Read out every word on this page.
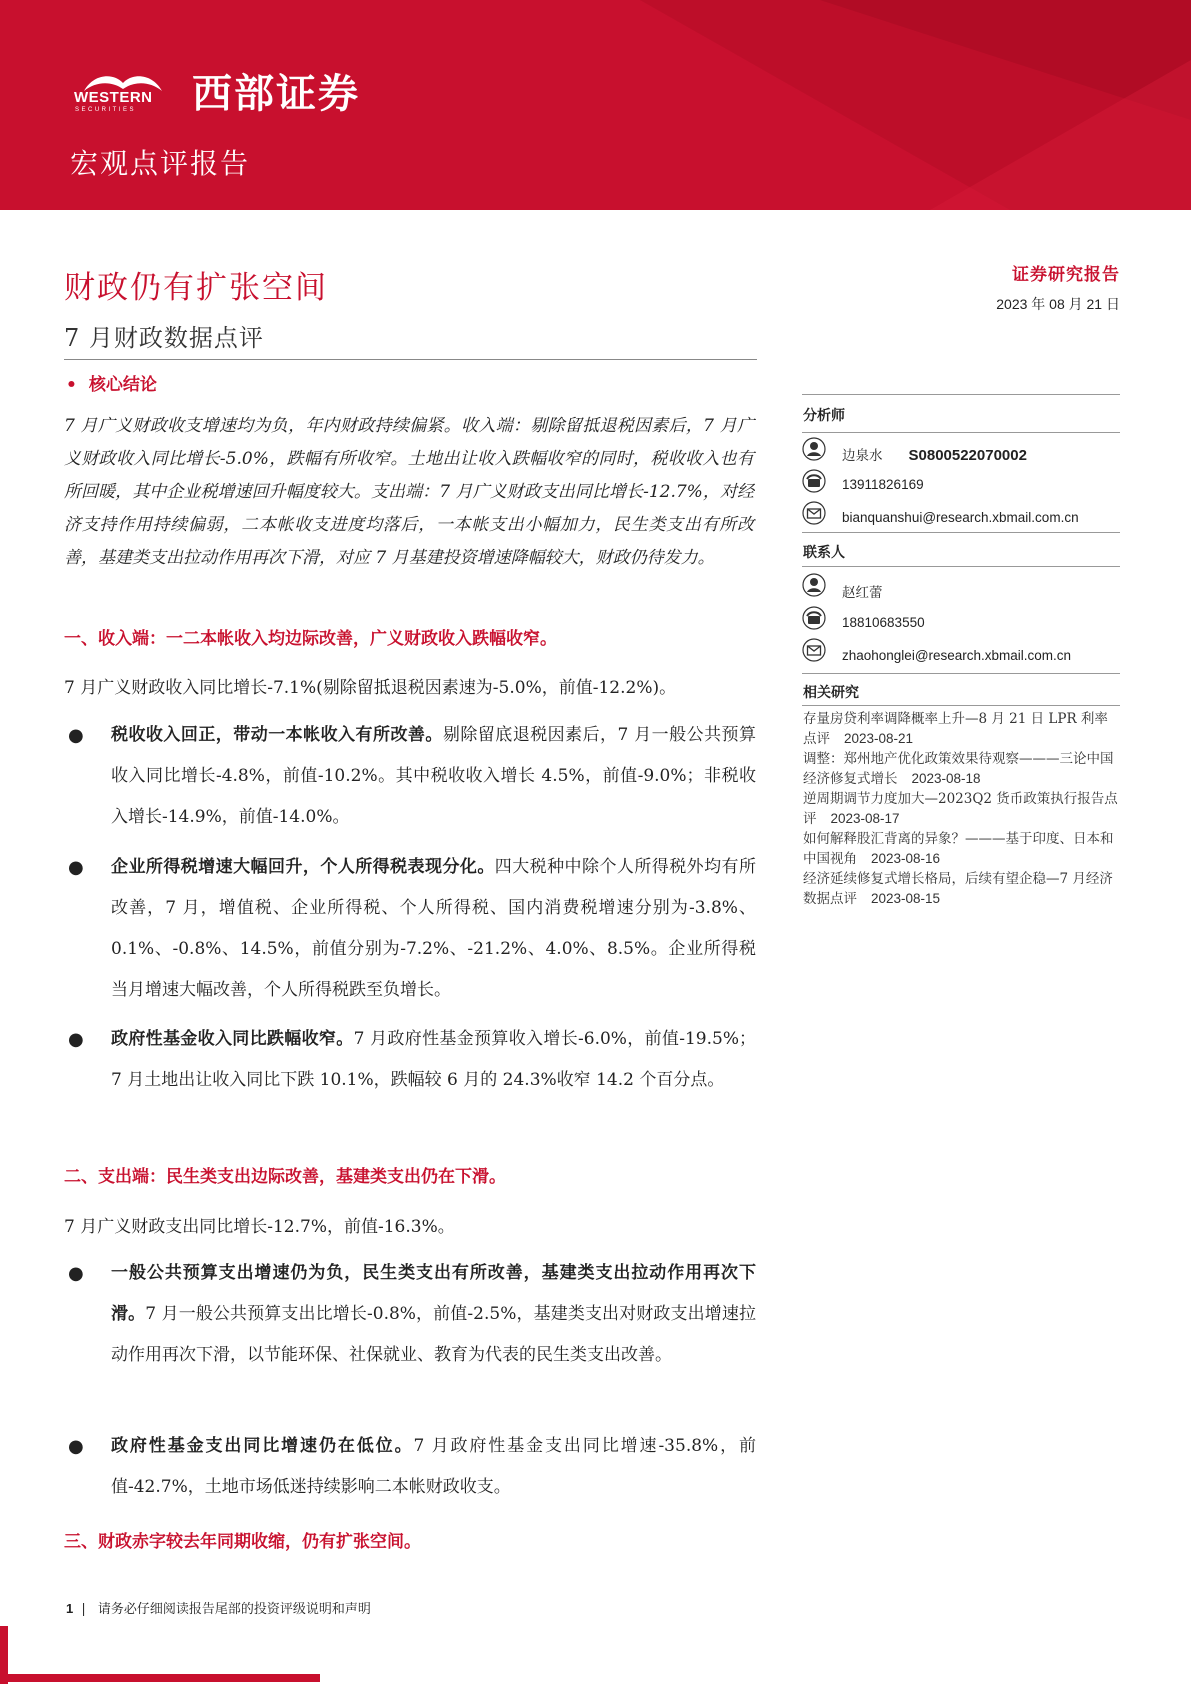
WESTERN
SECURITIES 西部证券
宏观点评报告
财政仍有扩张空间
7 月财政数据点评
证券研究报告
2023 年 08 月 21 日
• 核心结论
7 月广义财政收支增速均为负，年内财政持续偏紧。收入端：剔除留抵退税因素后，7 月广义财政收入同比增长-5.0%，跌幅有所收窄。土地出让收入跌幅收窄的同时，税收收入也有所回暖，其中企业税增速回升幅度较大。支出端：7 月广义财政支出同比增长-12.7%，对经济支持作用持续偏弱，二本帐收支进度均落后，一本帐支出小幅加力，民生类支出有所改善，基建类支出拉动作用再次下滑，对应 7 月基建投资增速降幅较大，财政仍待发力。
一、收入端：一二本帐收入均边际改善，广义财政收入跌幅收窄。
7 月广义财政收入同比增长-7.1%(剔除留抵退税因素速为-5.0%，前值-12.2%)。
● 税收收入回正，带动一本帐收入有所改善。剔除留底退税因素后，7 月一般公共预算收入同比增长-4.8%，前值-10.2%。其中税收收入增长 4.5%，前值-9.0%；非税收入增长-14.9%，前值-14.0%。
● 企业所得税增速大幅回升，个人所得税表现分化。四大税种中除个人所得税外均有所改善，7 月，增值税、企业所得税、个人所得税、国内消费税增速分别为-3.8%、0.1%、-0.8%、14.5%，前值分别为-7.2%、-21.2%、4.0%、8.5%。企业所得税当月增速大幅改善，个人所得税跌至负增长。
● 政府性基金收入同比跌幅收窄。7 月政府性基金预算收入增长-6.0%，前值-19.5%；7 月土地出让收入同比下跌 10.1%，跌幅较 6 月的 24.3%收窄 14.2 个百分点。
二、支出端：民生类支出边际改善，基建类支出仍在下滑。
7 月广义财政支出同比增长-12.7%，前值-16.3%。
● 一般公共预算支出增速仍为负，民生类支出有所改善，基建类支出拉动作用再次下滑。7 月一般公共预算支出比增长-0.8%，前值-2.5%，基建类支出对财政支出增速拉动作用再次下滑，以节能环保、社保就业、教育为代表的民生类支出改善。
● 政府性基金支出同比增速仍在低位。7 月政府性基金支出同比增速-35.8%，前值-42.7%，土地市场低迷持续影响二本帐财政收支。
三、财政赤字较去年同期收缩，仍有扩张空间。
分析师
边泉水 S0800522070002
13911826169
bianquanshui@research.xbmail.com.cn
联系人
赵红蕾
18810683550
zhaohonglei@research.xbmail.com.cn
相关研究
存量房贷利率调降概率上升—8 月 21 日 LPR 利率点评 2023-08-21
调整：郑州地产优化政策效果待观察———三论中国经济修复式增长 2023-08-18
逆周期调节力度加大—2023Q2 货币政策执行报告点评 2023-08-17
如何解释股汇背离的异象？———基于印度、日本和中国视角 2023-08-16
经济延续修复式增长格局，后续有望企稳—7 月经济数据点评 2023-08-15
1 | 请务必仔细阅读报告尾部的投资评级说明和声明
